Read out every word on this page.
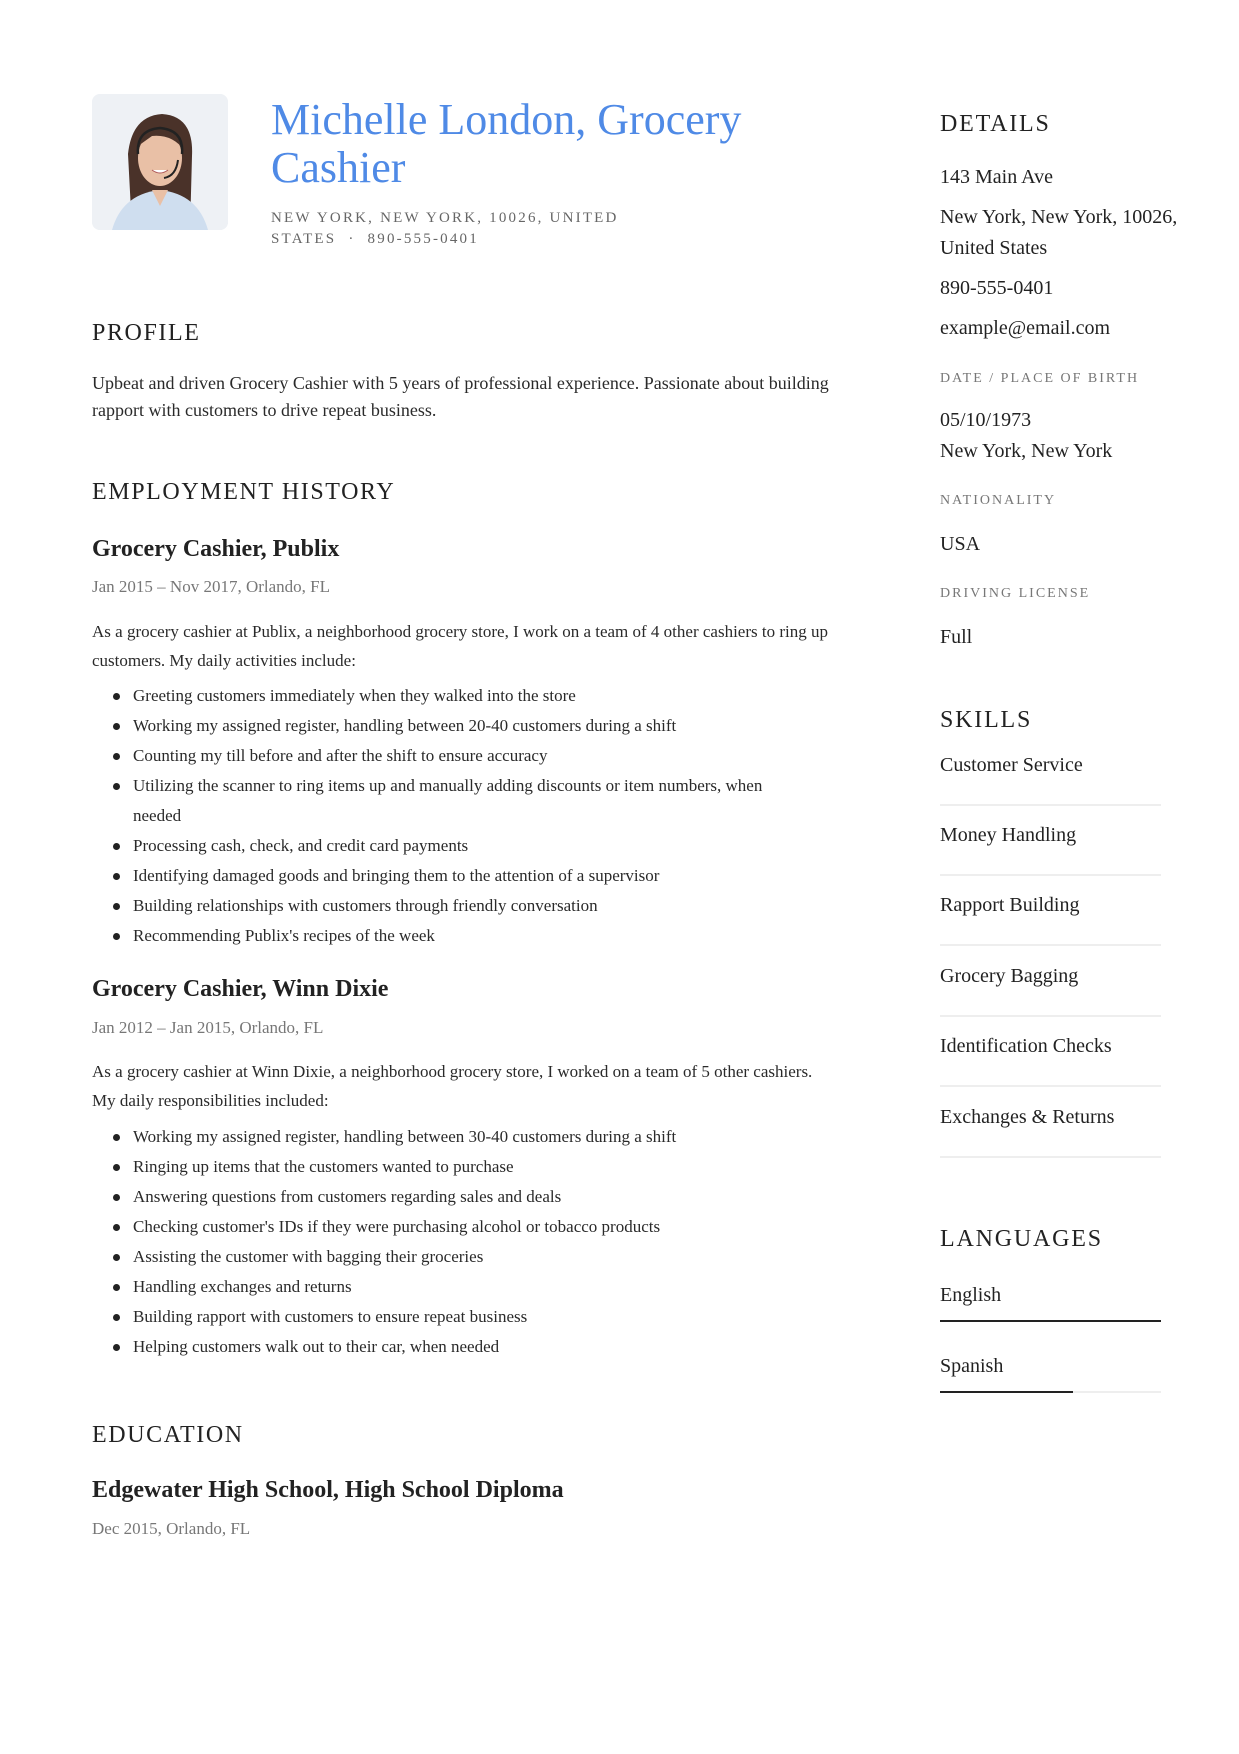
Michelle London, Grocery Cashier
NEW YORK, NEW YORK, 10026, UNITED STATES · 890-555-0401
PROFILE
Upbeat and driven Grocery Cashier with 5 years of professional experience. Passionate about building rapport with customers to drive repeat business.
EMPLOYMENT HISTORY
Grocery Cashier, Publix
Jan 2015 – Nov 2017, Orlando, FL
As a grocery cashier at Publix, a neighborhood grocery store, I work on a team of 4 other cashiers to ring up customers. My daily activities include:
Greeting customers immediately when they walked into the store
Working my assigned register, handling between 20-40 customers during a shift
Counting my till before and after the shift to ensure accuracy
Utilizing the scanner to ring items up and manually adding discounts or item numbers, when needed
Processing cash, check, and credit card payments
Identifying damaged goods and bringing them to the attention of a supervisor
Building relationships with customers through friendly conversation
Recommending Publix's recipes of the week
Grocery Cashier, Winn Dixie
Jan 2012 – Jan 2015, Orlando, FL
As a grocery cashier at Winn Dixie, a neighborhood grocery store, I worked on a team of 5 other cashiers. My daily responsibilities included:
Working my assigned register, handling between 30-40 customers during a shift
Ringing up items that the customers wanted to purchase
Answering questions from customers regarding sales and deals
Checking customer's IDs if they were purchasing alcohol or tobacco products
Assisting the customer with bagging their groceries
Handling exchanges and returns
Building rapport with customers to ensure repeat business
Helping customers walk out to their car, when needed
EDUCATION
Edgewater High School, High School Diploma
Dec 2015, Orlando, FL
DETAILS
143 Main Ave
New York, New York, 10026, United States
890-555-0401
example@email.com
DATE / PLACE OF BIRTH
05/10/1973
New York, New York
NATIONALITY
USA
DRIVING LICENSE
Full
SKILLS
Customer Service
Money Handling
Rapport Building
Grocery Bagging
Identification Checks
Exchanges & Returns
LANGUAGES
English
Spanish
